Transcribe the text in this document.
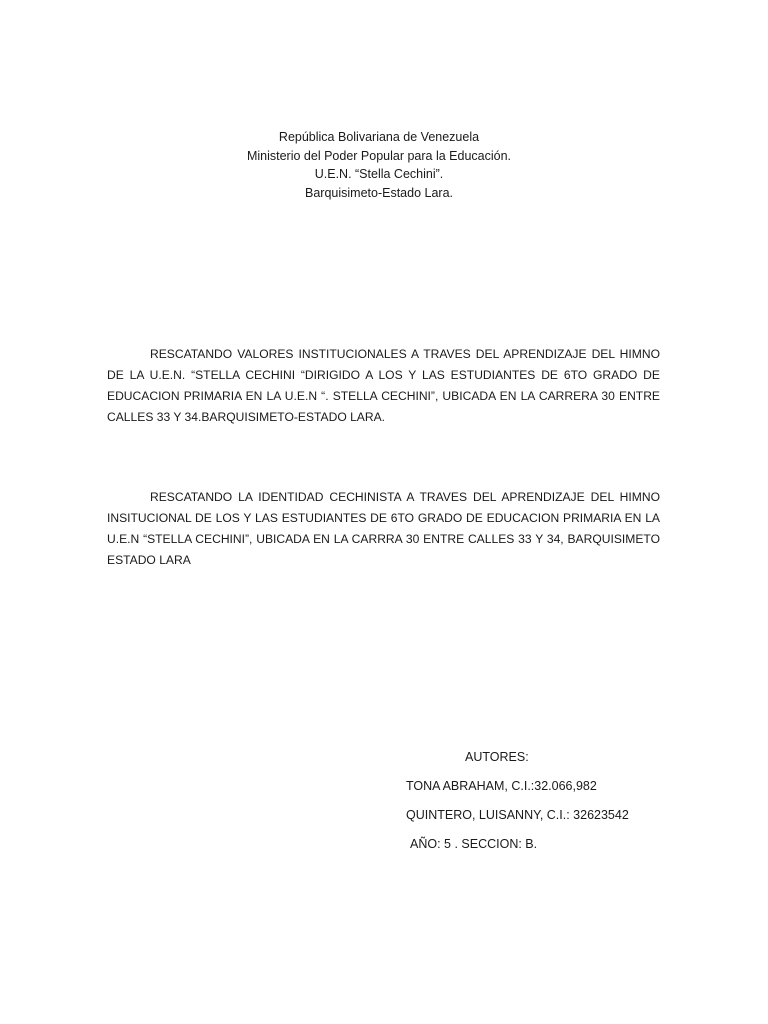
República Bolivariana de Venezuela
Ministerio del Poder Popular para la Educación.
U.E.N. “Stella Cechini”.
Barquisimeto-Estado Lara.

RESCATANDO VALORES INSTITUCIONALES A TRAVES DEL APRENDIZAJE DEL HIMNO DE LA U.E.N. “STELLA CECHINI “DIRIGIDO A LOS Y LAS ESTUDIANTES DE 6TO GRADO DE EDUCACION PRIMARIA EN LA U.E.N “. STELLA CECHINI”, UBICADA EN LA CARRERA 30 ENTRE CALLES 33 Y 34.BARQUISIMETO-ESTADO LARA.

RESCATANDO LA IDENTIDAD CECHINISTA A TRAVES DEL APRENDIZAJE DEL HIMNO INSITUCIONAL DE LOS Y LAS ESTUDIANTES DE 6TO GRADO DE EDUCACION PRIMARIA EN LA U.E.N “STELLA CECHINI”, UBICADA EN LA CARRRA 30 ENTRE CALLES 33 Y 34, BARQUISIMETO ESTADO LARA

AUTORES:
TONA ABRAHAM, C.I.:32.066,982
QUINTERO, LUISANNY, C.I.: 32623542
AÑO: 5 . SECCION: B.
